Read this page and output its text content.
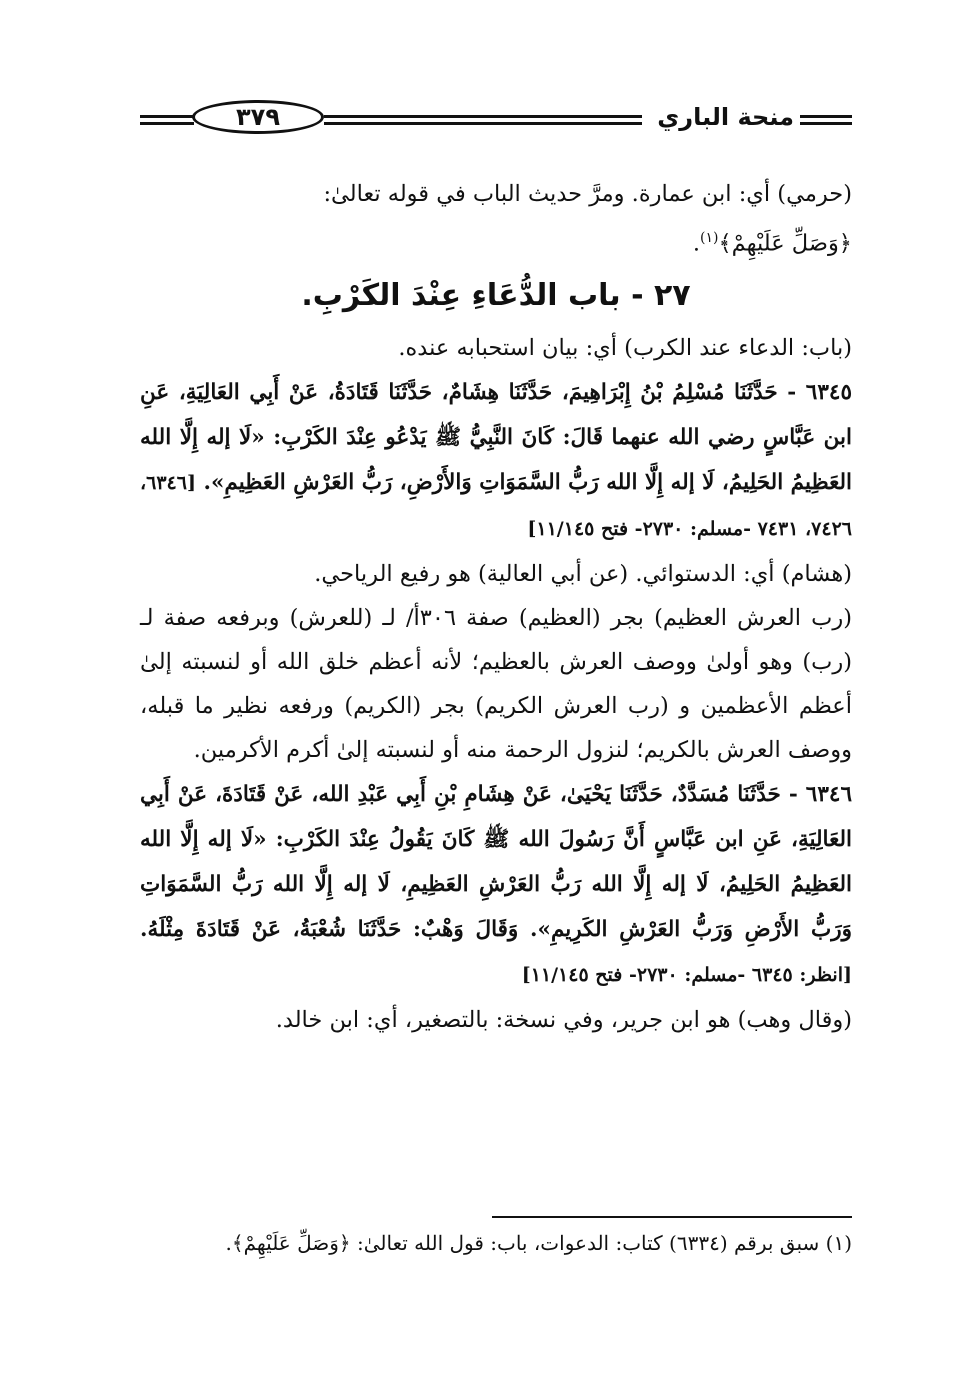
منحة الباري
٣٧٩

(حرمي) أي: ابن عمارة. ومرَّ حديث الباب في قوله تعالىٰ:

﴿وَصَلِّ عَلَيْهِمْ﴾$^{(١)}$.

٢٧ - باب الدُّعَاءِ عِنْدَ الكَرْبِ.

(باب: الدعاء عند الكرب) أي: بيان استحبابه عنده.

٦٣٤٥ - حَدَّثَنَا مُسْلِمُ بْنُ إِبْرَاهِيمَ، حَدَّثَنَا هِشَامٌ، حَدَّثَنَا قَتَادَةُ، عَنْ أَبِي العَالِيَةِ، عَنِ ابن عَبَّاسٍ رضي الله عنهما قَالَ: كَانَ النَّبِيُّ ﷺ يَدْعُو عِنْدَ الكَرْبِ: «لَا إله إِلَّا الله العَظِيمُ الحَلِيمُ، لَا إله إِلَّا الله رَبُّ السَّمَوَاتِ وَالأَرْضِ، رَبُّ العَرْشِ العَظِيمِ». [٦٣٤٦، ٧٤٢٦، ٧٤٣١ -مسلم: ٢٧٣٠- فتح ١١/١٤٥]

(هشام) أي: الدستوائي. (عن أبي العالية) هو رفيع الرياحي.

(رب العرش العظيم) بجر (العظيم) صفة ٣٠٦أ/ لـ (للعرش) وبرفعه صفة لـ (رب) وهو أولىٰ ووصف العرش بالعظيم؛ لأنه أعظم خلق الله أو لنسبته إلىٰ أعظم الأعظمين و (رب العرش الكريم) بجر (الكريم) ورفعه نظير ما قبله، ووصف العرش بالكريم؛ لنزول الرحمة منه أو لنسبته إلىٰ أكرم الأكرمين.

٦٣٤٦ - حَدَّثَنَا مُسَدَّدٌ، حَدَّثَنَا يَحْيَىٰ، عَنْ هِشَامِ بْنِ أَبِي عَبْدِ الله، عَنْ قَتَادَةَ، عَنْ أَبِي العَالِيَةِ، عَنِ ابن عَبَّاسٍ أَنَّ رَسُولَ الله ﷺ كَانَ يَقُولُ عِنْدَ الكَرْبِ: «لَا إله إِلَّا الله العَظِيمُ الحَلِيمُ، لَا إله إِلَّا الله رَبُّ العَرْشِ العَظِيمِ، لَا إله إِلَّا الله رَبُّ السَّمَوَاتِ وَرَبُّ الأَرْضِ وَرَبُّ العَرْشِ الكَرِيمِ». وَقَالَ وَهْبٌ: حَدَّثَنَا شُعْبَةُ، عَنْ قَتَادَةَ مِثْلَهُ. [انظر: ٦٣٤٥ -مسلم: ٢٧٣٠- فتح ١١/١٤٥]

(وقال وهب) هو ابن جرير، وفي نسخة: بالتصغير، أي: ابن خالد.

(١) سبق برقم (٦٣٣٤) كتاب: الدعوات، باب: قول الله تعالىٰ: ﴿وَصَلِّ عَلَيْهِمْ﴾.
